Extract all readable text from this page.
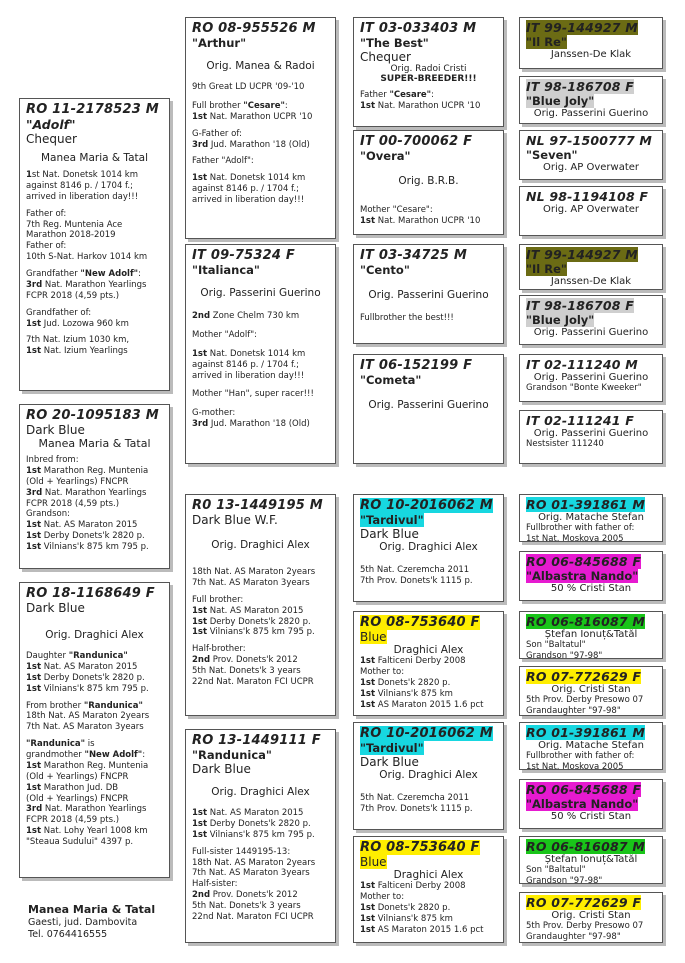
RO 11-2178523 M
"Adolf"
Chequer
Manea Maria & Tatal
1st Nat. Donetsk 1014 km
against 8146 p. / 1704 f.;
arrived in liberation day!!!
Father of:
7th Reg. Muntenia Ace
Marathon 2018-2019
Father of:
10th S-Nat. Harkov 1014 km
Grandfather "New Adolf":
3rd Nat. Marathon Yearlings
FCPR 2018 (4,59 pts.)
Grandfather of:
1st Jud. Lozowa 960 km
7th Nat. Izium 1030 km,
1st Nat. Izium Yearlings
RO 20-1095183 M
Dark Blue
Manea Maria & Tatal
Inbred from:
1st Marathon Reg. Muntenia
(Old + Yearlings) FNCPR
3rd Nat. Marathon Yearlings
FCPR 2018 (4,59 pts.)
Grandson:
1st Nat. AS Maraton 2015
1st Derby Donets'k 2820 p.
1st Vilnians'k 875 km 795 p.
RO 18-1168649 F
Dark Blue
Orig. Draghici Alex
Daughter "Randunica"
1st Nat. AS Maraton 2015
1st Derby Donets'k 2820 p.
1st Vilnians'k 875 km 795 p.
From brother "Randunica"
18th Nat. AS Maraton 2years
7th Nat. AS Maraton 3years
"Randunica" is
grandmother "New Adolf":
1st Marathon Reg. Muntenia
(Old + Yearlings) FNCPR
1st Marathon Jud. DB
(Old + Yearlings) FNCPR
3rd Nat. Marathon Yearlings
FCPR 2018 (4,59 pts.)
1st Nat. Lohy Yearl 1008 km
"Steaua Sudului" 4397 p.
Manea Maria & Tatal
Gaesti, jud. Dambovita
Tel. 0764416555
RO 08-955526 M
"Arthur"
Orig. Manea & Radoi
9th Great LD UCPR '09-'10
Full brother "Cesare":
1st Nat. Marathon UCPR '10
G-Father of:
3rd Jud. Marathon '18 (Old)
Father "Adolf":
1st Nat. Donetsk 1014 km
against 8146 p. / 1704 f.;
arrived in liberation day!!!
IT 09-75324 F
"Italianca"
Orig. Passerini Guerino
2nd Zone Chelm 730 km
Mother "Adolf":
1st Nat. Donetsk 1014 km
against 8146 p. / 1704 f.;
arrived in liberation day!!!
Mother "Han", super racer!!!
G-mother:
3rd Jud. Marathon '18 (Old)
R0 13-1449195 M
Dark Blue W.F.
Orig. Draghici Alex
18th Nat. AS Maraton 2years
7th Nat. AS Maraton 3years
Full brother:
1st Nat. AS Maraton 2015
1st Derby Donets'k 2820 p.
1st Vilnians'k 875 km 795 p.
Half-brother:
2nd Prov. Donets'k 2012
5th Nat. Donets'k 3 years
22nd Nat. Maraton FCI UCPR
RO 13-1449111 F
"Randunica"
Dark Blue
Orig. Draghici Alex
1st Nat. AS Maraton 2015
1st Derby Donets'k 2820 p.
1st Vilnians'k 875 km 795 p.
Full-sister 1449195-13:
18th Nat. AS Maraton 2years
7th Nat. AS Maraton 3years
Half-sister:
2nd Prov. Donets'k 2012
5th Nat. Donets'k 3 years
22nd Nat. Maraton FCI UCPR
IT 03-033403 M
"The Best"
Chequer
Orig. Radoi Cristi
SUPER-BREEDER!!!
Father "Cesare":
1st Nat. Marathon UCPR '10
IT 00-700062 F
"Overa"
Orig. B.R.B.
Mother "Cesare":
1st Nat. Marathon UCPR '10
IT 03-34725 M
"Cento"
Orig. Passerini Guerino
Fullbrother the best!!!
IT 06-152199 F
"Cometa"
Orig. Passerini Guerino
RO 10-2016062 M
"Tardivul"
Dark Blue
Orig. Draghici Alex
5th Nat. Czeremcha 2011
7th Prov. Donets'k 1115 p.
RO 08-753640 F
Blue
Draghici Alex
1st Falticeni Derby 2008
Mother to:
1st Donets'k 2820 p.
1st Vilnians'k 875 km
1st AS Maraton 2015 1.6 pct
RO 10-2016062 M
"Tardivul"
Dark Blue
Orig. Draghici Alex
5th Nat. Czeremcha 2011
7th Prov. Donets'k 1115 p.
RO 08-753640 F
Blue
Draghici Alex
1st Falticeni Derby 2008
Mother to:
1st Donets'k 2820 p.
1st Vilnians'k 875 km
1st AS Maraton 2015 1.6 pct
IT 99-144927 M
"Il Re"
Janssen-De Klak
IT 98-186708 F
"Blue Joly"
Orig. Passerini Guerino
NL 97-1500777 M
"Seven"
Orig. AP Overwater
NL 98-1194108 F
Orig. AP Overwater
IT 99-144927 M
"Il Re"
Janssen-De Klak
IT 98-186708 F
"Blue Joly"
Orig. Passerini Guerino
IT 02-111240 M
Orig. Passerini Guerino
Grandson "Bonte Kweeker"
IT 02-111241 F
Orig. Passerini Guerino
Nestsister 111240
RO 01-391861 M
Orig. Matache Stefan
Fullbrother with father of:
1st Nat. Moskova 2005
RO 06-845688 F
"Albastra Nando"
50 % Cristi Stan
RO 06-816087 M
Ștefan Ionuț&Tatăl
Son "Baltatul"
Grandson "97-98"
RO 07-772629 F
Orig. Cristi Stan
5th Prov. Derby Presowo 07
Grandaughter "97-98"
RO 01-391861 M
Orig. Matache Stefan
Fullbrother with father of:
1st Nat. Moskova 2005
RO 06-845688 F
"Albastra Nando"
50 % Cristi Stan
RO 06-816087 M
Ștefan Ionuț&Tatăl
Son "Baltatul"
Grandson "97-98"
RO 07-772629 F
Orig. Cristi Stan
5th Prov. Derby Presowo 07
Grandaughter "97-98"
